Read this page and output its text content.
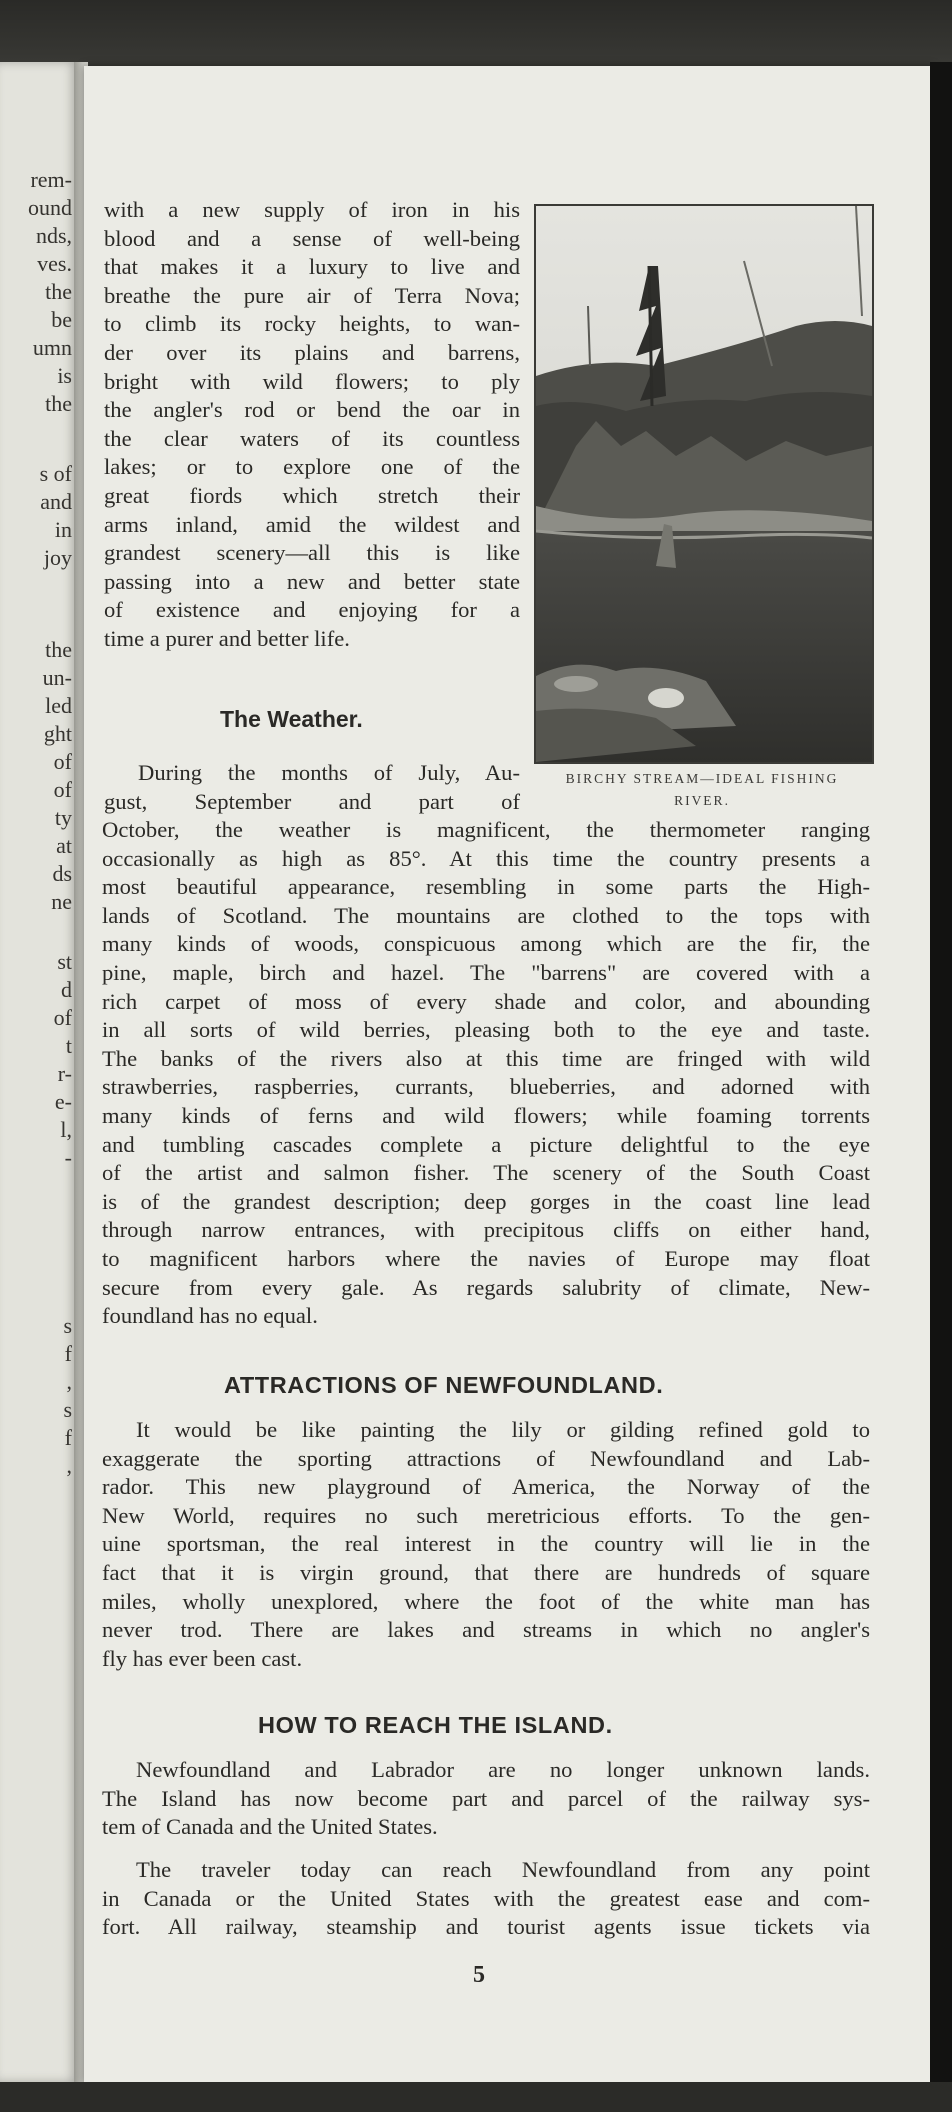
rem-
ound
nds,
ves.
the
be
umn
is
the
s of
and
in
joy
the
un-
led
ght
of
of
ty
at
ds
ne
st
d
of
t
r-
e-
l,
-
s
f
,
s
f
,
with a new supply of iron in his
blood and a sense of well-being
that makes it a luxury to live and
breathe the pure air of Terra Nova;
to climb its rocky heights, to wan-
der over its plains and barrens,
bright with wild flowers; to ply
the angler's rod or bend the oar in
the clear waters of its countless
lakes; or to explore one of the
great fiords which stretch their
arms inland, amid the wildest and
grandest scenery—all this is like
passing into a new and better state
of existence and enjoying for a
time a purer and better life.
BIRCHY STREAM—IDEAL FISHING
RIVER.
The Weather.
During the months of July, Au-
gust, September and part of
October, the weather is magnificent, the thermometer ranging
occasionally as high as 85°. At this time the country presents a
most beautiful appearance, resembling in some parts the High-
lands of Scotland. The mountains are clothed to the tops with
many kinds of woods, conspicuous among which are the fir, the
pine, maple, birch and hazel. The "barrens" are covered with a
rich carpet of moss of every shade and color, and abounding
in all sorts of wild berries, pleasing both to the eye and taste.
The banks of the rivers also at this time are fringed with wild
strawberries, raspberries, currants, blueberries, and adorned with
many kinds of ferns and wild flowers; while foaming torrents
and tumbling cascades complete a picture delightful to the eye
of the artist and salmon fisher. The scenery of the South Coast
is of the grandest description; deep gorges in the coast line lead
through narrow entrances, with precipitous cliffs on either hand,
to magnificent harbors where the navies of Europe may float
secure from every gale. As regards salubrity of climate, New-
foundland has no equal.
ATTRACTIONS OF NEWFOUNDLAND.
It would be like painting the lily or gilding refined gold to
exaggerate the sporting attractions of Newfoundland and Lab-
rador. This new playground of America, the Norway of the
New World, requires no such meretricious efforts. To the gen-
uine sportsman, the real interest in the country will lie in the
fact that it is virgin ground, that there are hundreds of square
miles, wholly unexplored, where the foot of the white man has
never trod. There are lakes and streams in which no angler's
fly has ever been cast.
HOW TO REACH THE ISLAND.
Newfoundland and Labrador are no longer unknown lands.
The Island has now become part and parcel of the railway sys-
tem of Canada and the United States.
The traveler today can reach Newfoundland from any point
in Canada or the United States with the greatest ease and com-
fort. All railway, steamship and tourist agents issue tickets via
5
